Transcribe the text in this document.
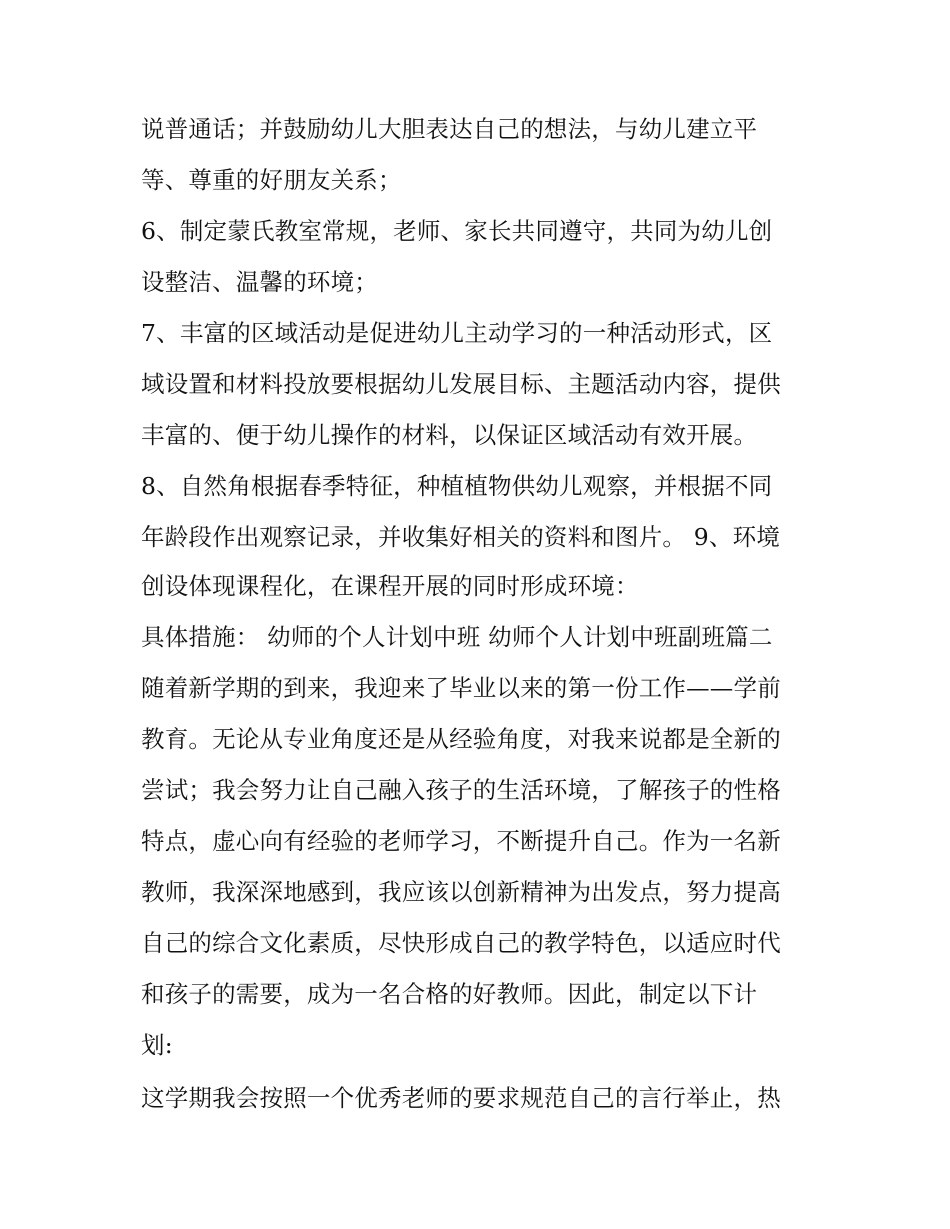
说普通话；并鼓励幼儿大胆表达自己的想法，与幼儿建立平
等、尊重的好朋友关系；
6、制定蒙氏教室常规，老师、家长共同遵守，共同为幼儿创
设整洁、温馨的环境；
7、丰富的区域活动是促进幼儿主动学习的一种活动形式，区
域设置和材料投放要根据幼儿发展目标、主题活动内容，提供
丰富的、便于幼儿操作的材料，以保证区域活动有效开展。
8、自然角根据春季特征，种植植物供幼儿观察，并根据不同
年龄段作出观察记录，并收集好相关的资料和图片。 9、环境
创设体现课程化，在课程开展的同时形成环境：
具体措施： 幼师的个人计划中班 幼师个人计划中班副班篇二
随着新学期的到来，我迎来了毕业以来的第一份工作——学前
教育。无论从专业角度还是从经验角度，对我来说都是全新的
尝试；我会努力让自己融入孩子的生活环境，了解孩子的性格
特点，虚心向有经验的老师学习，不断提升自己。作为一名新
教师，我深深地感到，我应该以创新精神为出发点，努力提高
自己的综合文化素质，尽快形成自己的教学特色，以适应时代
和孩子的需要，成为一名合格的好教师。因此，制定以下计
划:
这学期我会按照一个优秀老师的要求规范自己的言行举止，热
